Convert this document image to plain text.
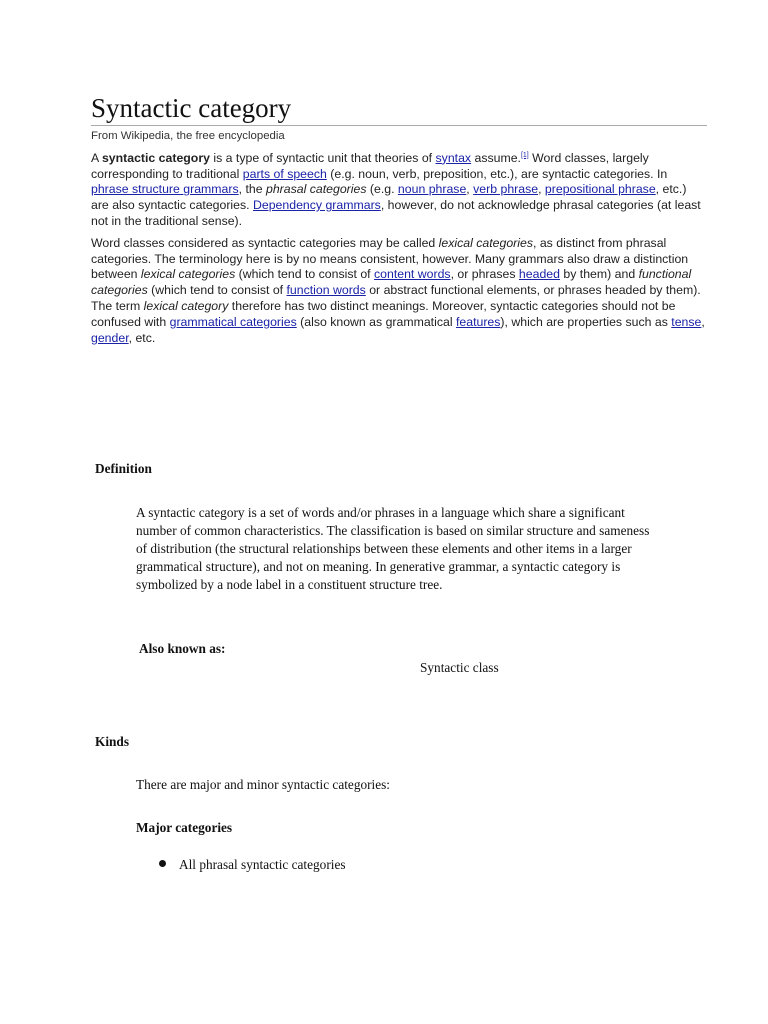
Syntactic category
From Wikipedia, the free encyclopedia

A syntactic category is a type of syntactic unit that theories of syntax assume.[1] Word classes, largely corresponding to traditional parts of speech (e.g. noun, verb, preposition, etc.), are syntactic categories. In phrase structure grammars, the phrasal categories (e.g. noun phrase, verb phrase, prepositional phrase, etc.) are also syntactic categories. Dependency grammars, however, do not acknowledge phrasal categories (at least not in the traditional sense).

Word classes considered as syntactic categories may be called lexical categories, as distinct from phrasal categories. The terminology here is by no means consistent, however. Many grammars also draw a distinction between lexical categories (which tend to consist of content words, or phrases headed by them) and functional categories (which tend to consist of function words or abstract functional elements, or phrases headed by them). The term lexical category therefore has two distinct meanings. Moreover, syntactic categories should not be confused with grammatical categories (also known as grammatical features), which are properties such as tense, gender, etc.

Definition

A syntactic category is a set of words and/or phrases in a language which share a significant number of common characteristics. The classification is based on similar structure and sameness of distribution (the structural relationships between these elements and other items in a larger grammatical structure), and not on meaning. In generative grammar, a syntactic category is symbolized by a node label in a constituent structure tree.

Also known as:
Syntactic class
Kinds
There are major and minor syntactic categories:
Major categories
All phrasal syntactic categories
